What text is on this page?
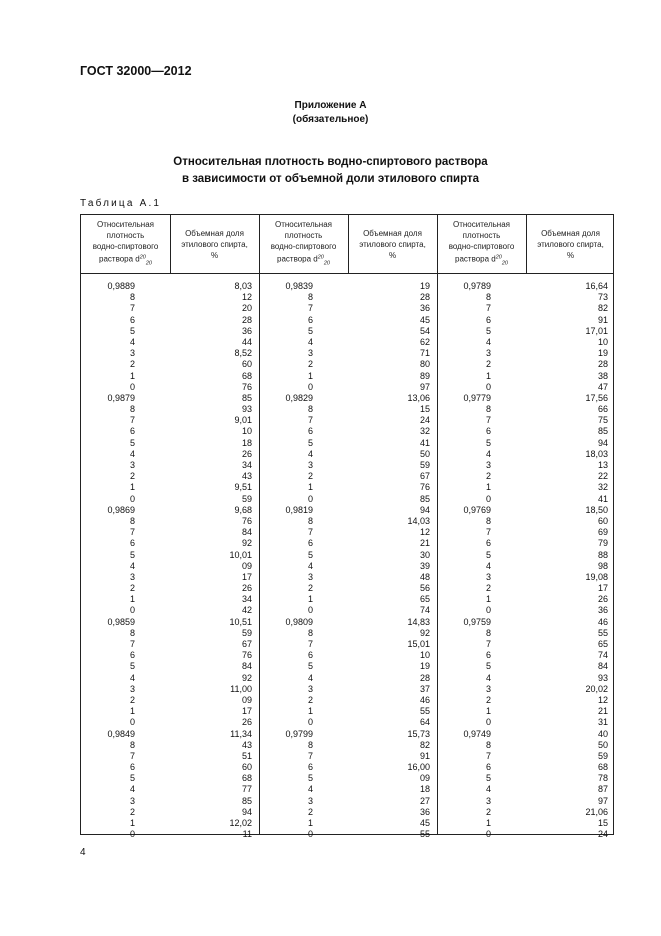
ГОСТ 32000—2012
Приложение А
(обязательное)
Относительная плотность водно-спиртового раствора
в зависимости от объемной доли этилового спирта
Таблица А.1
Относительная
плотность
водно-спиртового
раствора $d^{20}_{20}$
Объемная доля
этилового спирта,
%
Относительная
плотность
водно-спиртового
раствора $d^{20}_{20}$
Объемная доля
этилового спирта,
%
Относительная
плотность
водно-спиртового
раствора $d^{20}_{20}$
Объемная доля
этилового спирта,
%
0,9889
8
7
6
5
4
3
2
1
0
0,9879
8
7
6
5
4
3
2
1
0
0,9869
8
7
6
5
4
3
2
1
0
0,9859
8
7
6
5
4
3
2
1
0
0,9849
8
7
6
5
4
3
2
1
0
8,03
12
20
28
36
44
8,52
60
68
76
85
93
9,01
10
18
26
34
43
9,51
59
9,68
76
84
92
10,01
09
17
26
34
42
10,51
59
67
76
84
92
11,00
09
17
26
11,34
43
51
60
68
77
85
94
12,02
11
0,9839
8
7
6
5
4
3
2
1
0
0,9829
8
7
6
5
4
3
2
1
0
0,9819
8
7
6
5
4
3
2
1
0
0,9809
8
7
6
5
4
3
2
1
0
0,9799
8
7
6
5
4
3
2
1
0
19
28
36
45
54
62
71
80
89
97
13,06
15
24
32
41
50
59
67
76
85
94
14,03
12
21
30
39
48
56
65
74
14,83
92
15,01
10
19
28
37
46
55
64
15,73
82
91
16,00
09
18
27
36
45
55
0,9789
8
7
6
5
4
3
2
1
0
0,9779
8
7
6
5
4
3
2
1
0
0,9769
8
7
6
5
4
3
2
1
0
0,9759
8
7
6
5
4
3
2
1
0
0,9749
8
7
6
5
4
3
2
1
0
16,64
73
82
91
17,01
10
19
28
38
47
17,56
66
75
85
94
18,03
13
22
32
41
18,50
60
69
79
88
98
19,08
17
26
36
46
55
65
74
84
93
20,02
12
21
31
40
50
59
68
78
87
97
21,06
15
24
4
